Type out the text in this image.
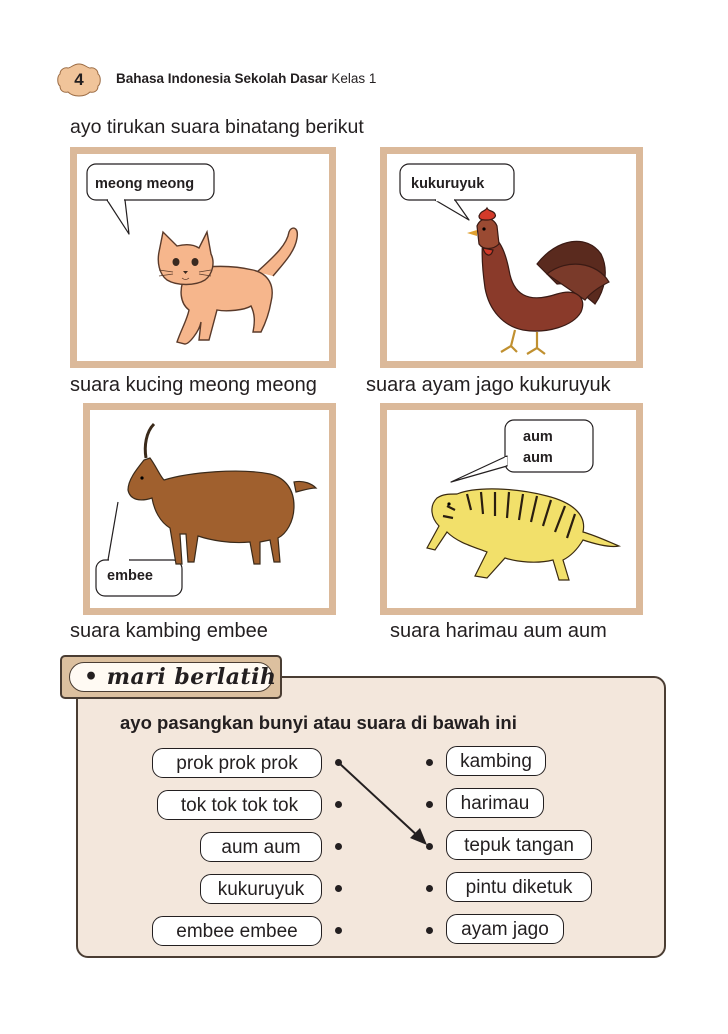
4	Bahasa Indonesia Sekolah Dasar Kelas 1
ayo tirukan suara binatang berikut
meong meong
suara kucing meong meong
kukuruyuk
suara ayam jago kukuruyuk
embee
suara kambing embee
aum
aum
suara harimau aum aum
• mari berlatih
ayo pasangkan bunyi atau suara di bawah ini
prok prok prok
tok tok tok tok
aum aum
kukuruyuk
embee embee
kambing
harimau
tepuk tangan
pintu diketuk
ayam jago
